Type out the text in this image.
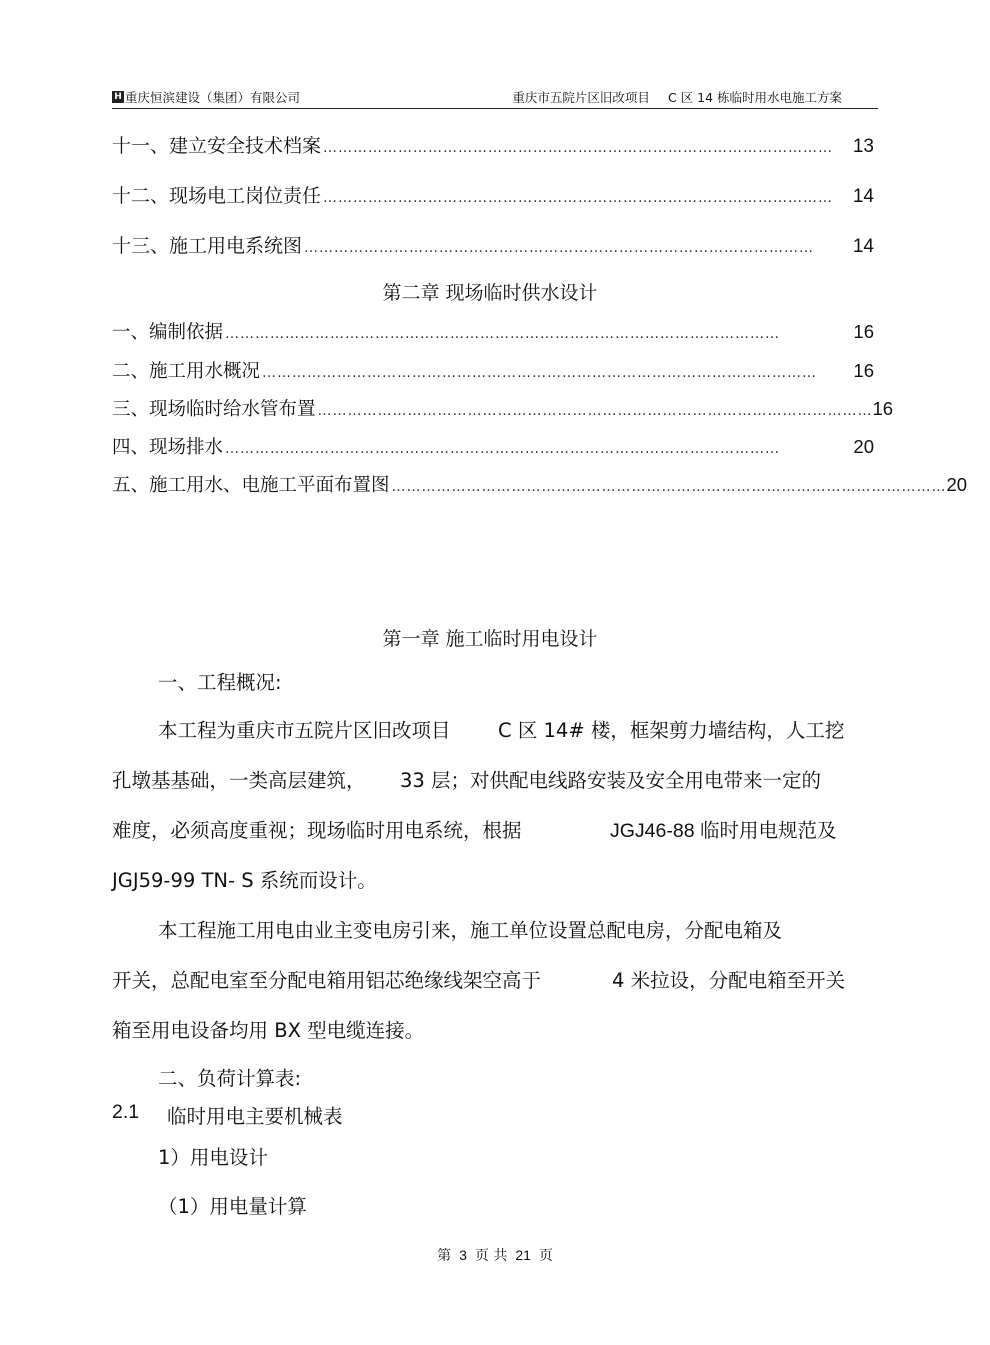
H 重庆恒滨建设（集团）有限公司	重庆市五院片区旧改项目 C 区 14 栋临时用水电施工方案
十一、建立安全技术档案 …………………………………………………………………………………………	13
十二、现场电工岗位责任 …………………………………………………………………………………………	14
十三、施工用电系统图 …………………………………………………………………………………………	14
第二章 现场临时供水设计
一、编制依据 …………………………………………………………………………………………………	16
二、施工用水概况 …………………………………………………………………………………………………	16
三、现场临时给水管布置 ………………………………………………………………………………………………… 16
四、现场排水 …………………………………………………………………………………………………	20
五、施工用水、电施工平面布置图 ………………………………………………………………………………………………… 20
第一章 施工临时用电设计
一、工程概况:
本工程为重庆市五院片区旧改项目 C 区 14# 楼，框架剪力墙结构，人工挖
孔墩基基础，一类高层建筑， 33 层；对供配电线路安装及安全用电带来一定的
难度，必须高度重视；现场临时用电系统，根据	JGJ46-88 临时用电规范及
JGJ59-99 TN- S 系统而设计。
本工程施工用电由业主变电房引来，施工单位设置总配电房，分配电箱及
开关，总配电室至分配电箱用铝芯绝缘线架空高于	4 米拉设，分配电箱至开关
箱至用电设备均用 BX 型电缆连接。
二、负荷计算表:
2.1 临时用电主要机械表
1）用电设计
（1）用电量计算
第 3 页 共 21 页
